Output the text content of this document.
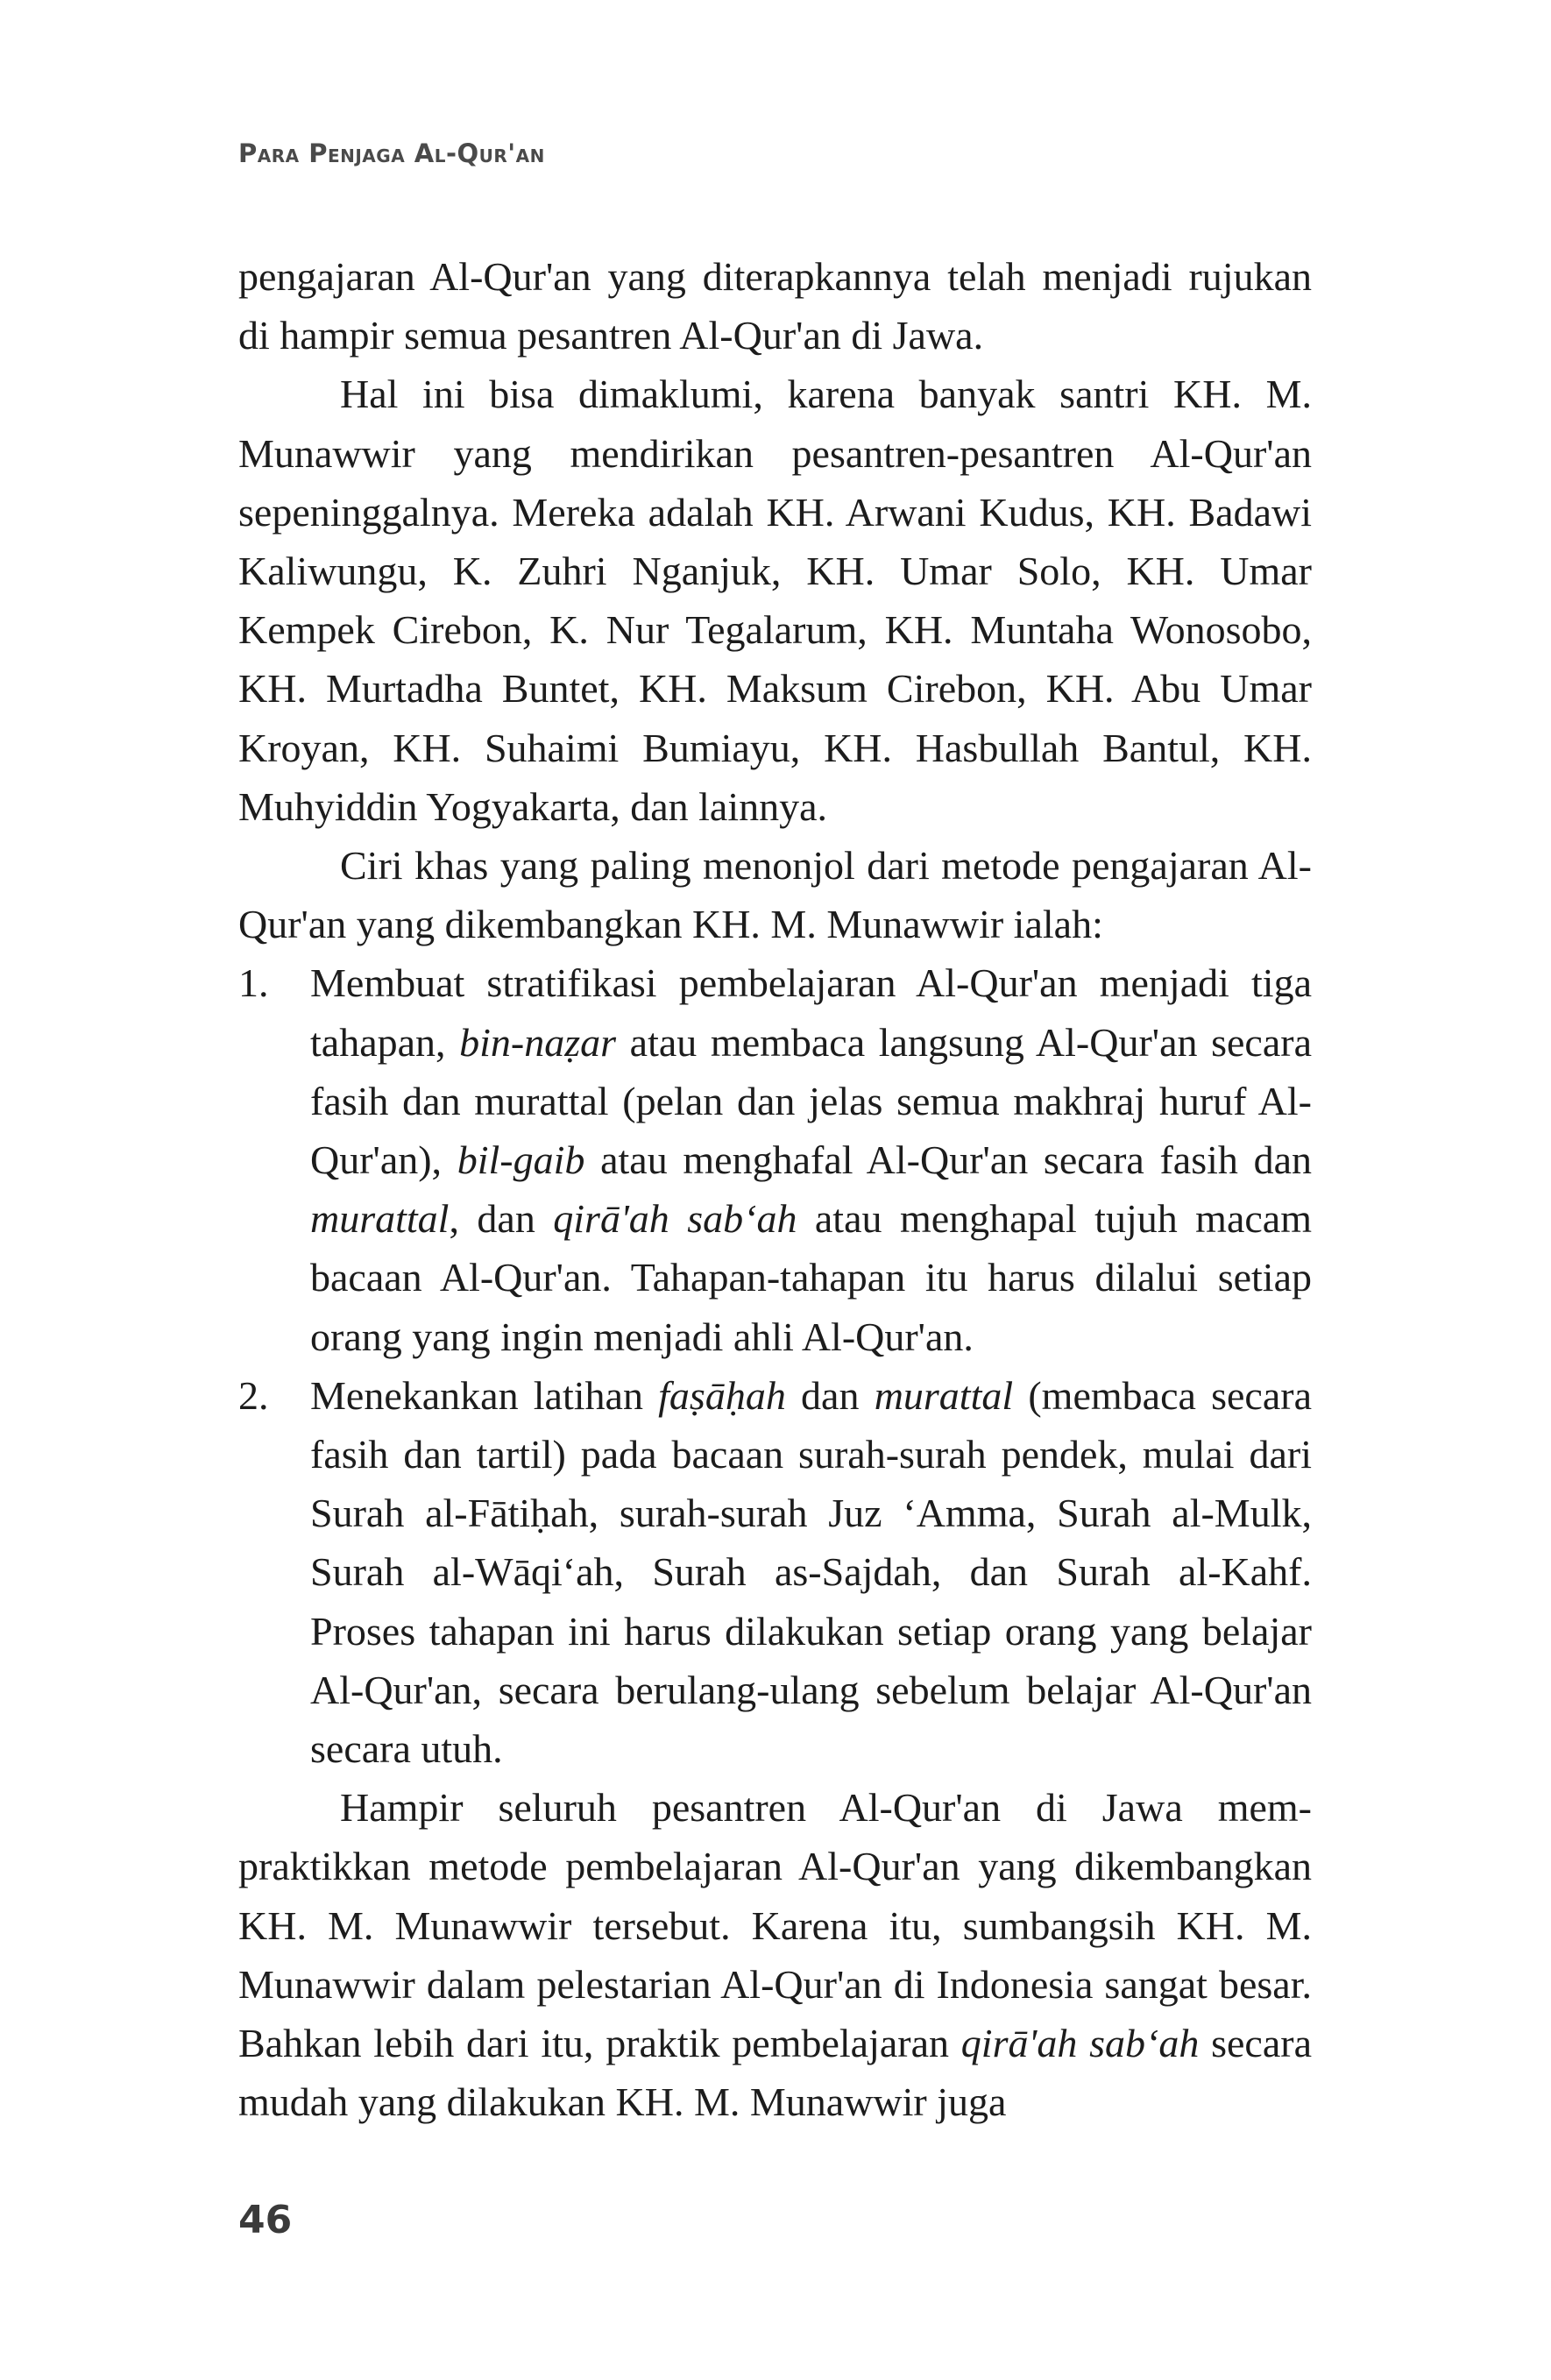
Para Penjaga Al-Qur'an

pengajaran Al-Qur'an yang diterapkannya telah menjadi rujukan di hampir semua pesantren Al-Qur'an di Jawa.

Hal ini bisa dimaklumi, karena banyak santri KH. M. Munawwir yang mendirikan pesantren-pesantren Al-Qur'an sepeninggalnya. Mereka adalah KH. Arwani Kudus, KH. Badawi Kaliwungu, K. Zuhri Nganjuk, KH. Umar Solo, KH. Umar Kempek Cirebon, K. Nur Tegalarum, KH. Muntaha Wonosobo, KH. Murtadha Buntet, KH. Maksum Cirebon, KH. Abu Umar Kroyan, KH. Suhaimi Bumiayu, KH. Hasbullah Bantul, KH. Muhyiddin Yogyakarta, dan lainnya.

Ciri khas yang paling menonjol dari metode pengajaran Al-Qur'an yang dikembangkan KH. M. Munawwir ialah:

1. Membuat stratifikasi pembelajaran Al-Qur'an menjadi tiga tahapan, bin-naẓar atau membaca langsung Al-Qur'an secara fasih dan murattal (pelan dan jelas semua makhraj huruf Al-Qur'an), bil-gaib atau menghafal Al-Qur'an secara fasih dan murattal, dan qirā'ah sab‘ah atau menghapal tujuh macam bacaan Al-Qur'an. Tahapan-tahapan itu harus dilalui setiap orang yang ingin menjadi ahli Al-Qur'an.
2. Menekankan latihan faṣāḥah dan murattal (membaca secara fasih dan tartil) pada bacaan surah-surah pendek, mulai dari Surah al-Fātiḥah, surah-surah Juz ‘Amma, Surah al-Mulk, Surah al-Wāqi‘ah, Surah as-Sajdah, dan Surah al-Kahf. Proses tahapan ini harus dilakukan setiap orang yang belajar Al-Qur'an, secara berulang-ulang sebelum belajar Al-Qur'an secara utuh.

Hampir seluruh pesantren Al-Qur'an di Jawa mempraktikkan metode pembelajaran Al-Qur'an yang dikembangkan KH. M. Munawwir tersebut. Karena itu, sumbangsih KH. M. Munawwir dalam pelestarian Al-Qur'an di Indonesia sangat besar. Bahkan lebih dari itu, praktik pembelajaran qirā'ah sab‘ah secara mudah yang dilakukan KH. M. Munawwir juga

46
